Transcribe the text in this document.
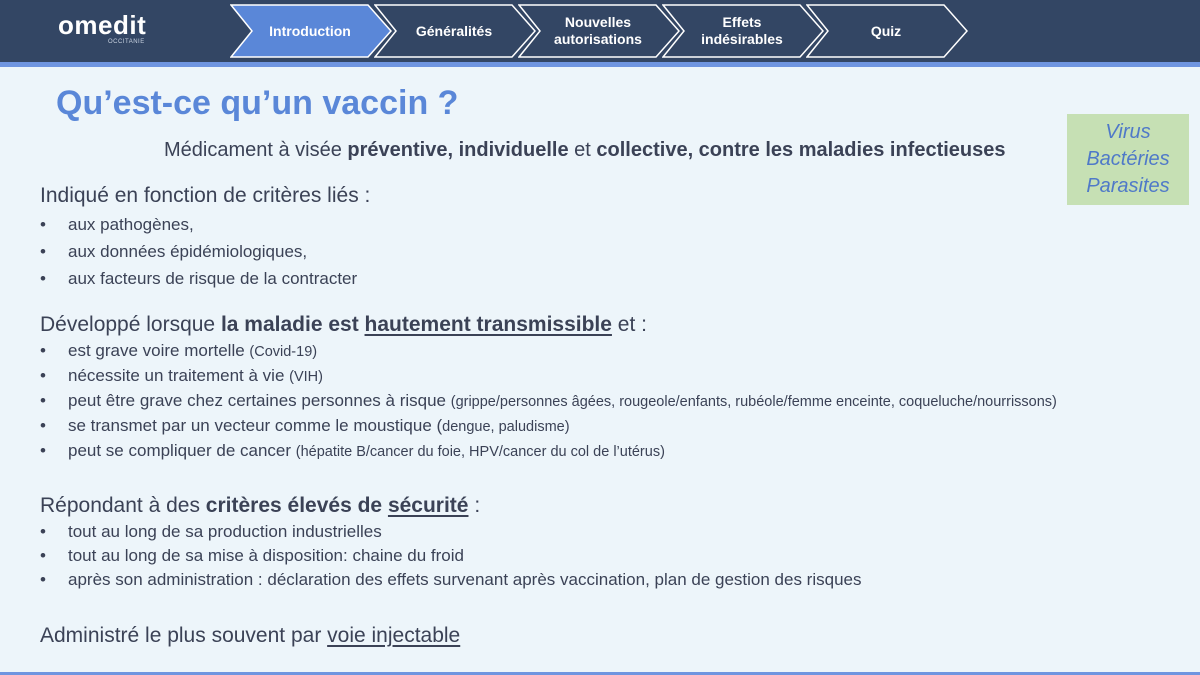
omedit
OCCITANIE
Introduction	Généralités
Nouvelles
autorisations
Effets
indésirables
Quiz
Qu’est-ce qu’un vaccin ?
Médicament à visée préventive, individuelle et collective, contre les maladies infectieuses
Virus
Bactéries
Parasites
Indiqué en fonction de critères liés :
• aux pathogènes,
• aux données épidémiologiques,
• aux facteurs de risque de la contracter
Développé lorsque la maladie est hautement transmissible et :
• est grave voire mortelle (Covid-19)
• nécessite un traitement à vie (VIH)
• peut être grave chez certaines personnes à risque (grippe/personnes âgées, rougeole/enfants, rubéole/femme enceinte, coqueluche/nourrissons)
• se transmet par un vecteur comme le moustique (dengue, paludisme)
• peut se compliquer de cancer (hépatite B/cancer du foie, HPV/cancer du col de l’utérus)
Répondant à des critères élevés de sécurité :
• tout au long de sa production industrielles
• tout au long de sa mise à disposition: chaine du froid
• après son administration : déclaration des effets survenant après vaccination, plan de gestion des risques
Administré le plus souvent par voie injectable
